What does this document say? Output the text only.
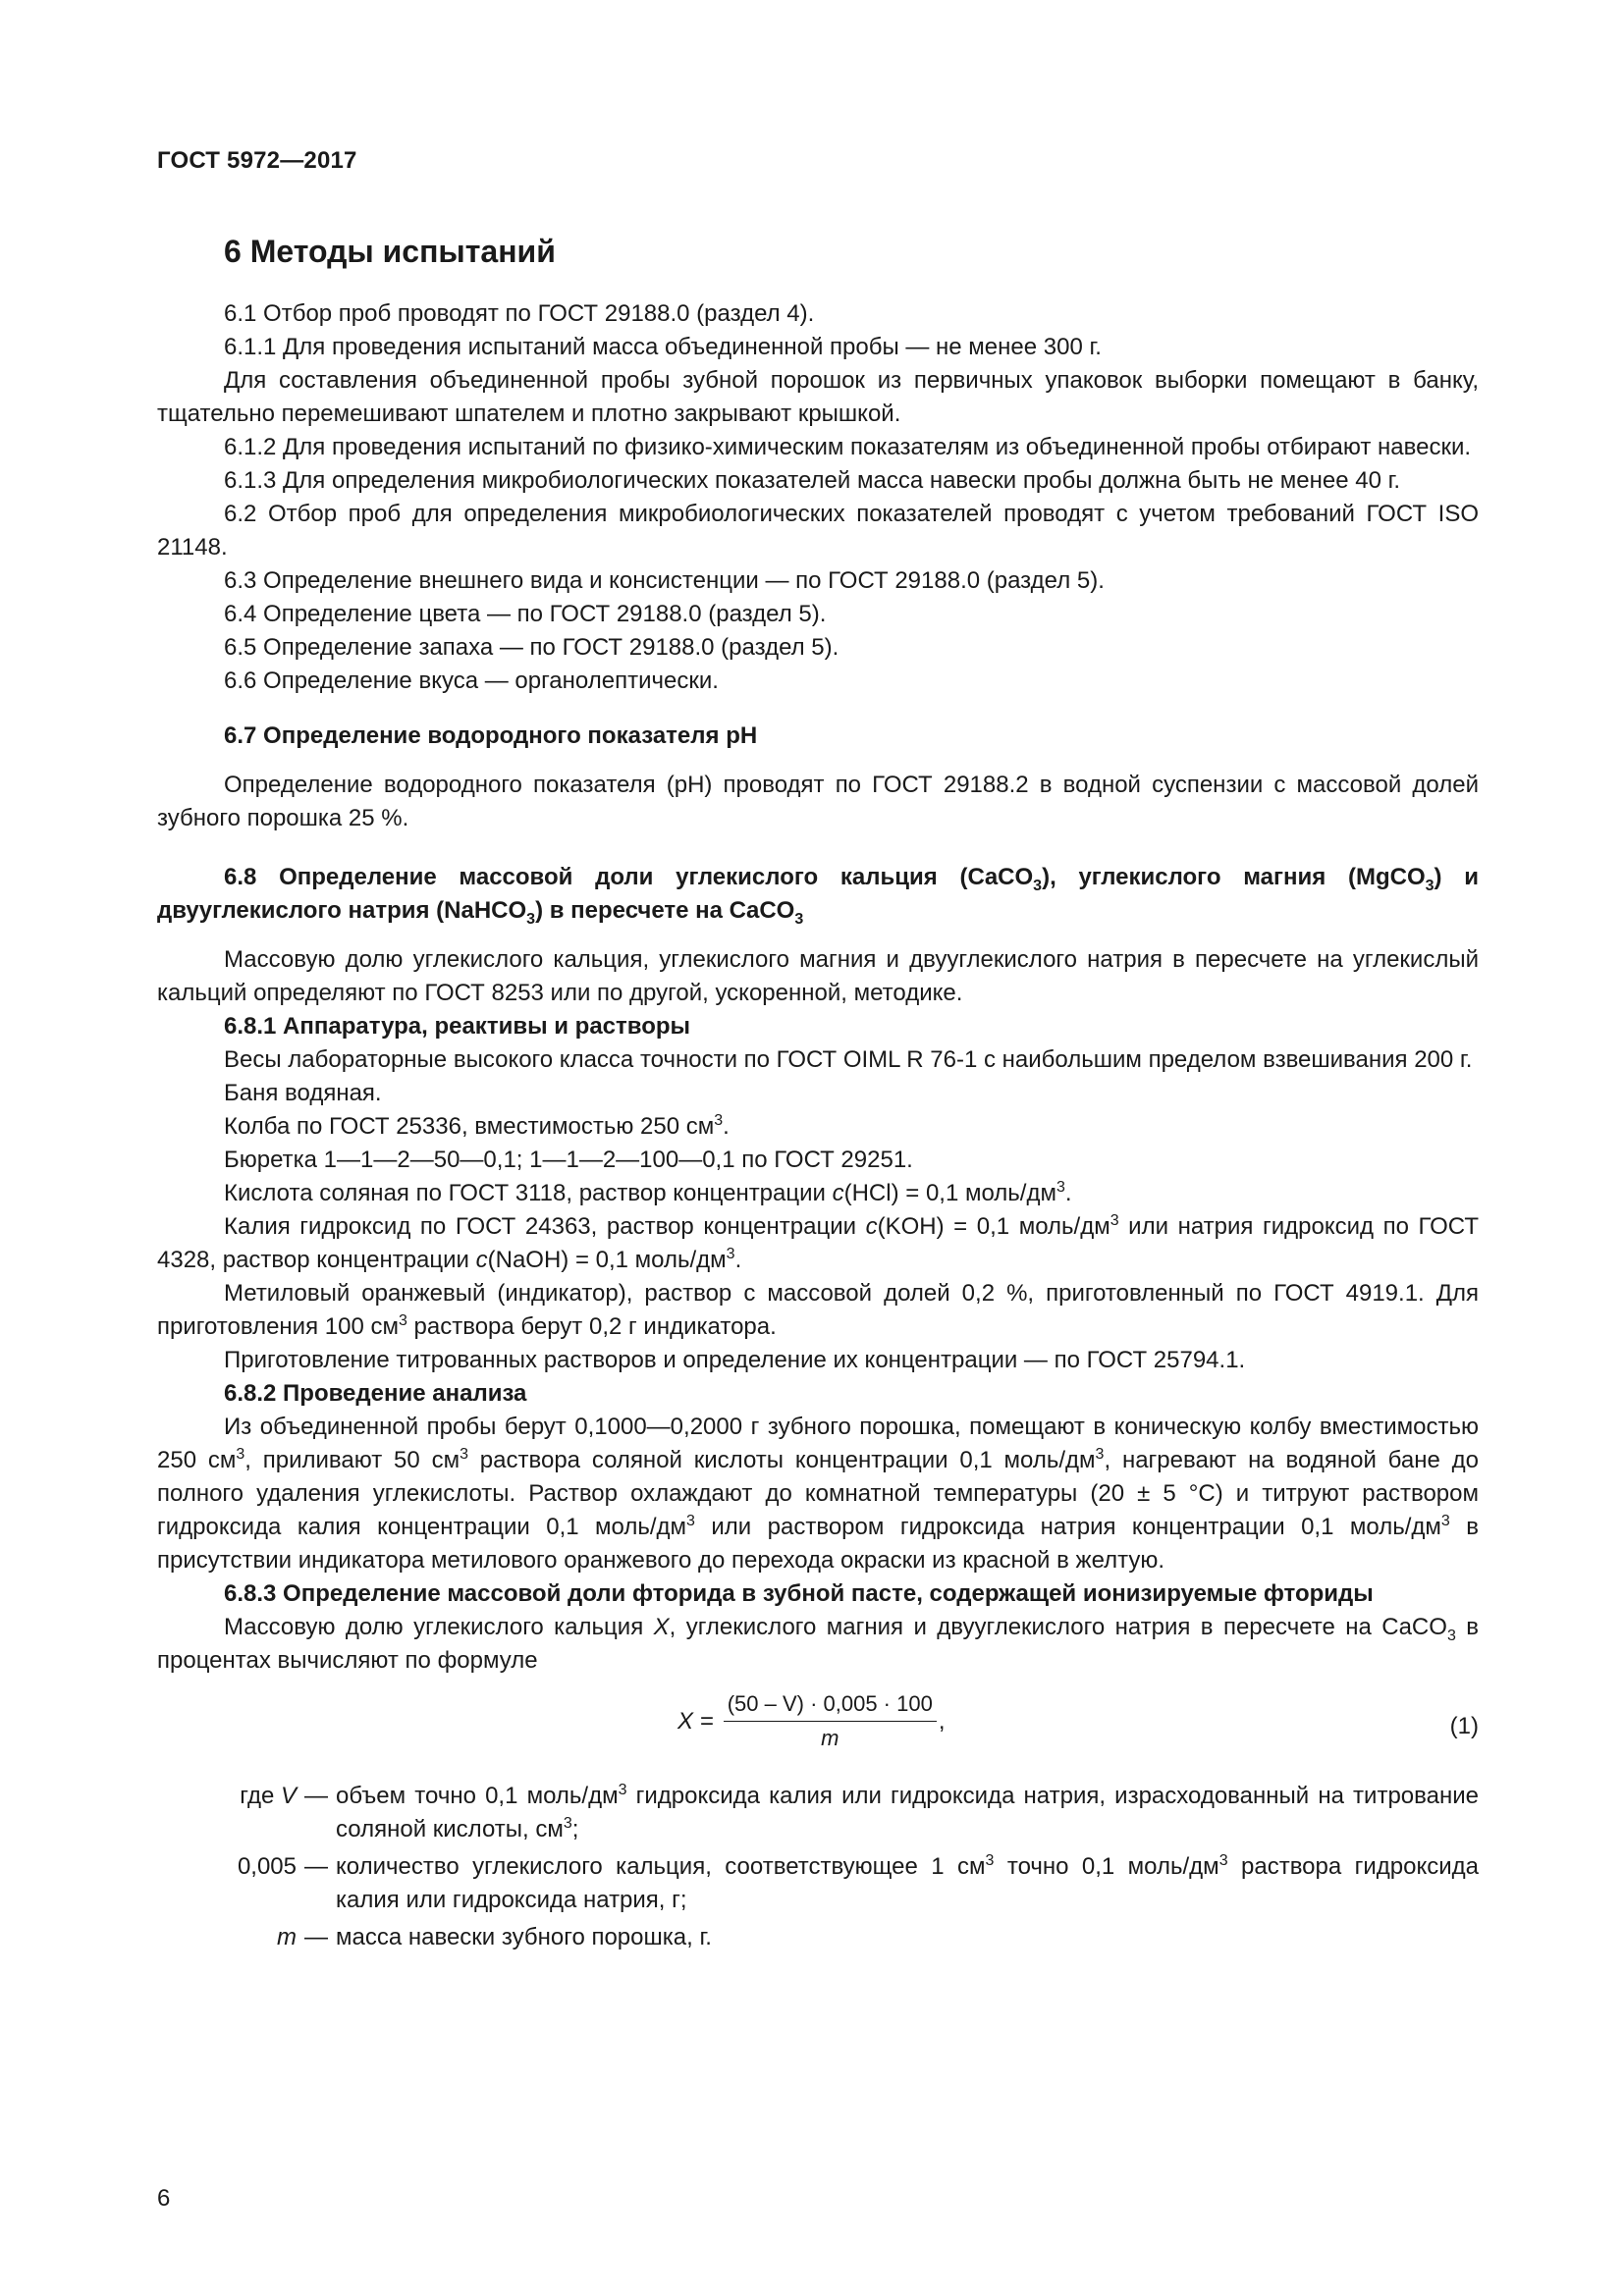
ГОСТ 5972—2017
6 Методы испытаний

6.1 Отбор проб проводят по ГОСТ 29188.0 (раздел 4).

6.1.1 Для проведения испытаний масса объединенной пробы — не менее 300 г.

Для составления объединенной пробы зубной порошок из первичных упаковок выборки помещают в банку, тщательно перемешивают шпателем и плотно закрывают крышкой.

6.1.2 Для проведения испытаний по физико-химическим показателям из объединенной пробы отбирают навески.

6.1.3 Для определения микробиологических показателей масса навески пробы должна быть не менее 40 г.

6.2 Отбор проб для определения микробиологических показателей проводят с учетом требований ГОСТ ISO 21148.

6.3 Определение внешнего вида и консистенции — по ГОСТ 29188.0 (раздел 5).

6.4 Определение цвета — по ГОСТ 29188.0 (раздел 5).

6.5 Определение запаха — по ГОСТ 29188.0 (раздел 5).

6.6 Определение вкуса — органолептически.

6.7 Определение водородного показателя pH

Определение водородного показателя (pH) проводят по ГОСТ 29188.2 в водной суспензии с массовой долей зубного порошка 25 %.

6.8 Определение массовой доли углекислого кальция (CaCO$_3$), углекислого магния (MgCO$_3$) и двууглекислого натрия (NaHCO$_3$) в пересчете на CaCO$_3$

Массовую долю углекислого кальция, углекислого магния и двууглекислого натрия в пересчете на углекислый кальций определяют по ГОСТ 8253 или по другой, ускоренной, методике.

6.8.1 Аппаратура, реактивы и растворы

Весы лабораторные высокого класса точности по ГОСТ OIML R 76-1 с наибольшим пределом взвешивания 200 г.

Баня водяная.

Колба по ГОСТ 25336, вместимостью 250 $см^3$.

Бюретка 1—1—2—50—0,1; 1—1—2—100—0,1 по ГОСТ 29251.

Кислота соляная по ГОСТ 3118, раствор концентрации c(HCl) = 0,1 моль/$дм^3$.

Калия гидроксид по ГОСТ 24363, раствор концентрации c(KOH) = 0,1 моль/$дм^3$ или натрия гидроксид по ГОСТ 4328, раствор концентрации c(NaOH) = 0,1 моль/$дм^3$.

Метиловый оранжевый (индикатор), раствор с массовой долей 0,2 %, приготовленный по ГОСТ 4919.1. Для приготовления 100 $см^3$ раствора берут 0,2 г индикатора.

Приготовление титрованных растворов и определение их концентрации — по ГОСТ 25794.1.

6.8.2 Проведение анализа

Из объединенной пробы берут 0,1000—0,2000 г зубного порошка, помещают в коническую колбу вместимостью 250 $см^3$, приливают 50 $см^3$ раствора соляной кислоты концентрации 0,1 моль/$дм^3$, нагревают на водяной бане до полного удаления углекислоты. Раствор охлаждают до комнатной температуры (20 ± 5 °С) и титруют раствором гидроксида калия концентрации 0,1 моль/$дм^3$ или раствором гидроксида натрия концентрации 0,1 моль/$дм^3$ в присутствии индикатора метилового оранжевого до перехода окраски из красной в желтую.

6.8.3 Определение массовой доли фторида в зубной пасте, содержащей ионизируемые фториды

Массовую долю углекислого кальция X, углекислого магния и двууглекислого натрия в пересчете на CaCO$_3$ в процентах вычисляют по формуле

$X = \frac{(50 - V) \cdot 0,005 \cdot 100}{m}$ ,	(1)
где V — объем точно 0,1 моль/$дм^3$ гидроксида калия или гидроксида натрия, израсходованный на титрование соляной кислоты, $см^3$;
0,005 — количество углекислого кальция, соответствующее 1 $см^3$ точно 0,1 моль/$дм^3$ раствора гидроксида калия или гидроксида натрия, г;
m — масса навески зубного порошка, г.
6
